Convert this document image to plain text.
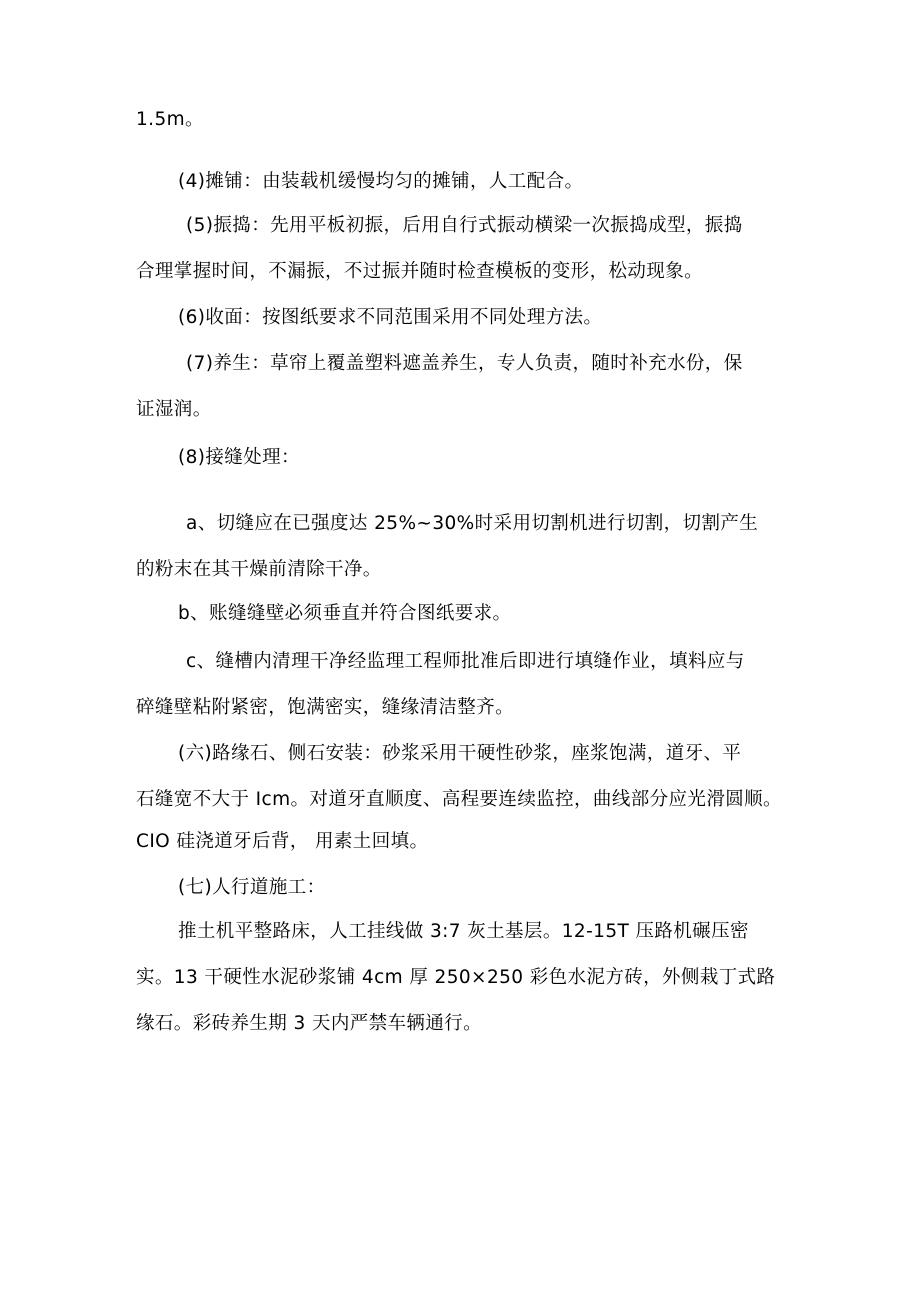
1.5m。
(4)摊铺：由装载机缓慢均匀的摊铺，人工配合。
(5)振捣：先用平板初振，后用自行式振动横梁一次振捣成型，振捣
合理掌握时间，不漏振，不过振并随时检查模板的变形，松动现象。
(6)收面：按图纸要求不同范围采用不同处理方法。
(7)养生：草帘上覆盖塑料遮盖养生，专人负责，随时补充水份，保
证湿润。
(8)接缝处理：
a、切缝应在已强度达 25%~30%时采用切割机进行切割，切割产生
的粉末在其干燥前清除干净。
b、账缝缝壁必须垂直并符合图纸要求。
c、缝槽内清理干净经监理工程师批准后即进行填缝作业，填料应与
碎缝壁粘附紧密，饱满密实，缝缘清洁整齐。
(六)路缘石、侧石安装：砂浆采用干硬性砂浆，座浆饱满，道牙、平
石缝宽不大于 Icm。对道牙直顺度、高程要连续监控，曲线部分应光滑圆顺。
CIO 硅浇道牙后背， 用素土回填。
(七)人行道施工：
推土机平整路床，人工挂线做 3:7 灰土基层。12-15T 压路机碾压密
实。13 干硬性水泥砂浆铺 4cm 厚 250×250 彩色水泥方砖，外侧栽丁式路
缘石。彩砖养生期 3 天内严禁车辆通行。
